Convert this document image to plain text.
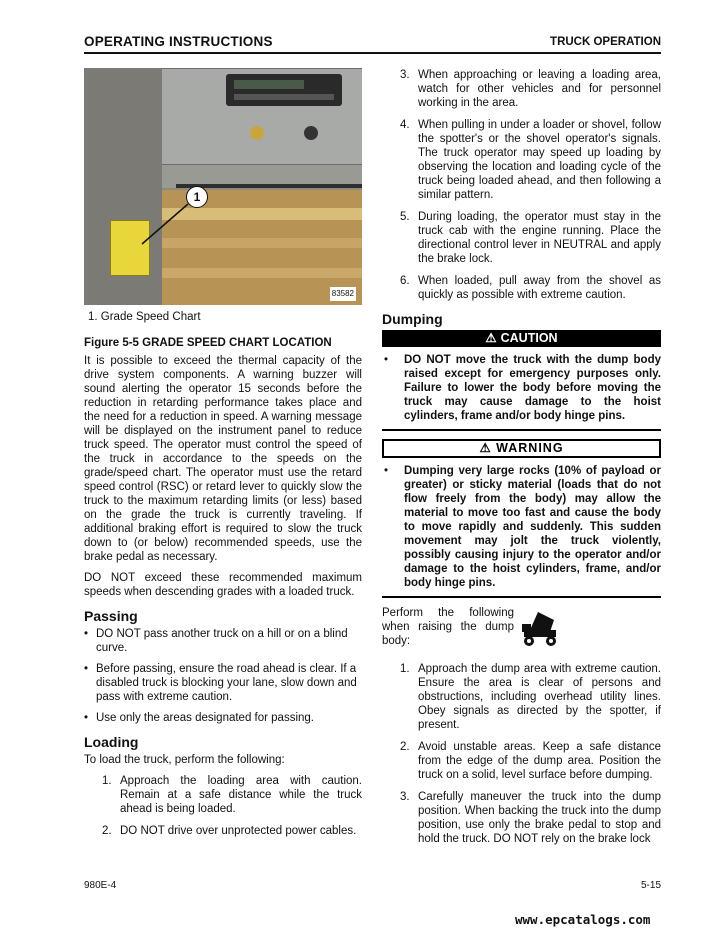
OPERATING INSTRUCTIONS	TRUCK OPERATION
1
83582
1. Grade Speed Chart
Figure 5-5 GRADE SPEED CHART LOCATION

It is possible to exceed the thermal capacity of the drive system components. A warning buzzer will sound alerting the operator 15 seconds before the reduction in retarding performance takes place and the need for a reduction in speed. A warning message will be displayed on the instrument panel to reduce truck speed. The operator must control the speed of the truck in accordance to the speeds on the grade/speed chart. The operator must use the retard speed control (RSC) or retard lever to quickly slow the truck to the maximum retarding limits (or less) based on the grade the truck is currently traveling. If additional braking effort is required to slow the truck down to (or below) recommended speeds, use the brake pedal as necessary.

DO NOT exceed these recommended maximum speeds when descending grades with a loaded truck.

Passing
• DO NOT pass another truck on a hill or on a blind curve.
• Before passing, ensure the road ahead is clear. If a disabled truck is blocking your lane, slow down and pass with extreme caution.
• Use only the areas designated for passing.
Loading

To load the truck, perform the following:

1. Approach the loading area with caution. Remain at a safe distance while the truck ahead is being loaded.
2. DO NOT drive over unprotected power cables.
3. When approaching or leaving a loading area, watch for other vehicles and for personnel working in the area.
4. When pulling in under a loader or shovel, follow the spotter's or the shovel operator's signals. The truck operator may speed up loading by observing the location and loading cycle of the truck being loaded ahead, and then following a similar pattern.
5. During loading, the operator must stay in the truck cab with the engine running. Place the directional control lever in NEUTRAL and apply the brake lock.
6. When loaded, pull away from the shovel as quickly as possible with extreme caution.
Dumping
⚠ CAUTION
• DO NOT move the truck with the dump body raised except for emergency purposes only. Failure to lower the body before moving the truck may cause damage to the hoist cylinders, frame and/or body hinge pins.
⚠ WARNING
• Dumping very large rocks (10% of payload or greater) or sticky material (loads that do not flow freely from the body) may allow the material to move too fast and cause the body to move rapidly and suddenly. This sudden movement may jolt the truck violently, possibly causing injury to the operator and/or damage to the hoist cylinders, frame, and/or body hinge pins.
Perform the following when raising the dump body:
1. Approach the dump area with extreme caution. Ensure the area is clear of persons and obstructions, including overhead utility lines. Obey signals as directed by the spotter, if present.
2. Avoid unstable areas. Keep a safe distance from the edge of the dump area. Position the truck on a solid, level surface before dumping.
3. Carefully maneuver the truck into the dump position. When backing the truck into the dump position, use only the brake pedal to stop and hold the truck. DO NOT rely on the brake lock
980E-4	5-15
www.epcatalogs.com
